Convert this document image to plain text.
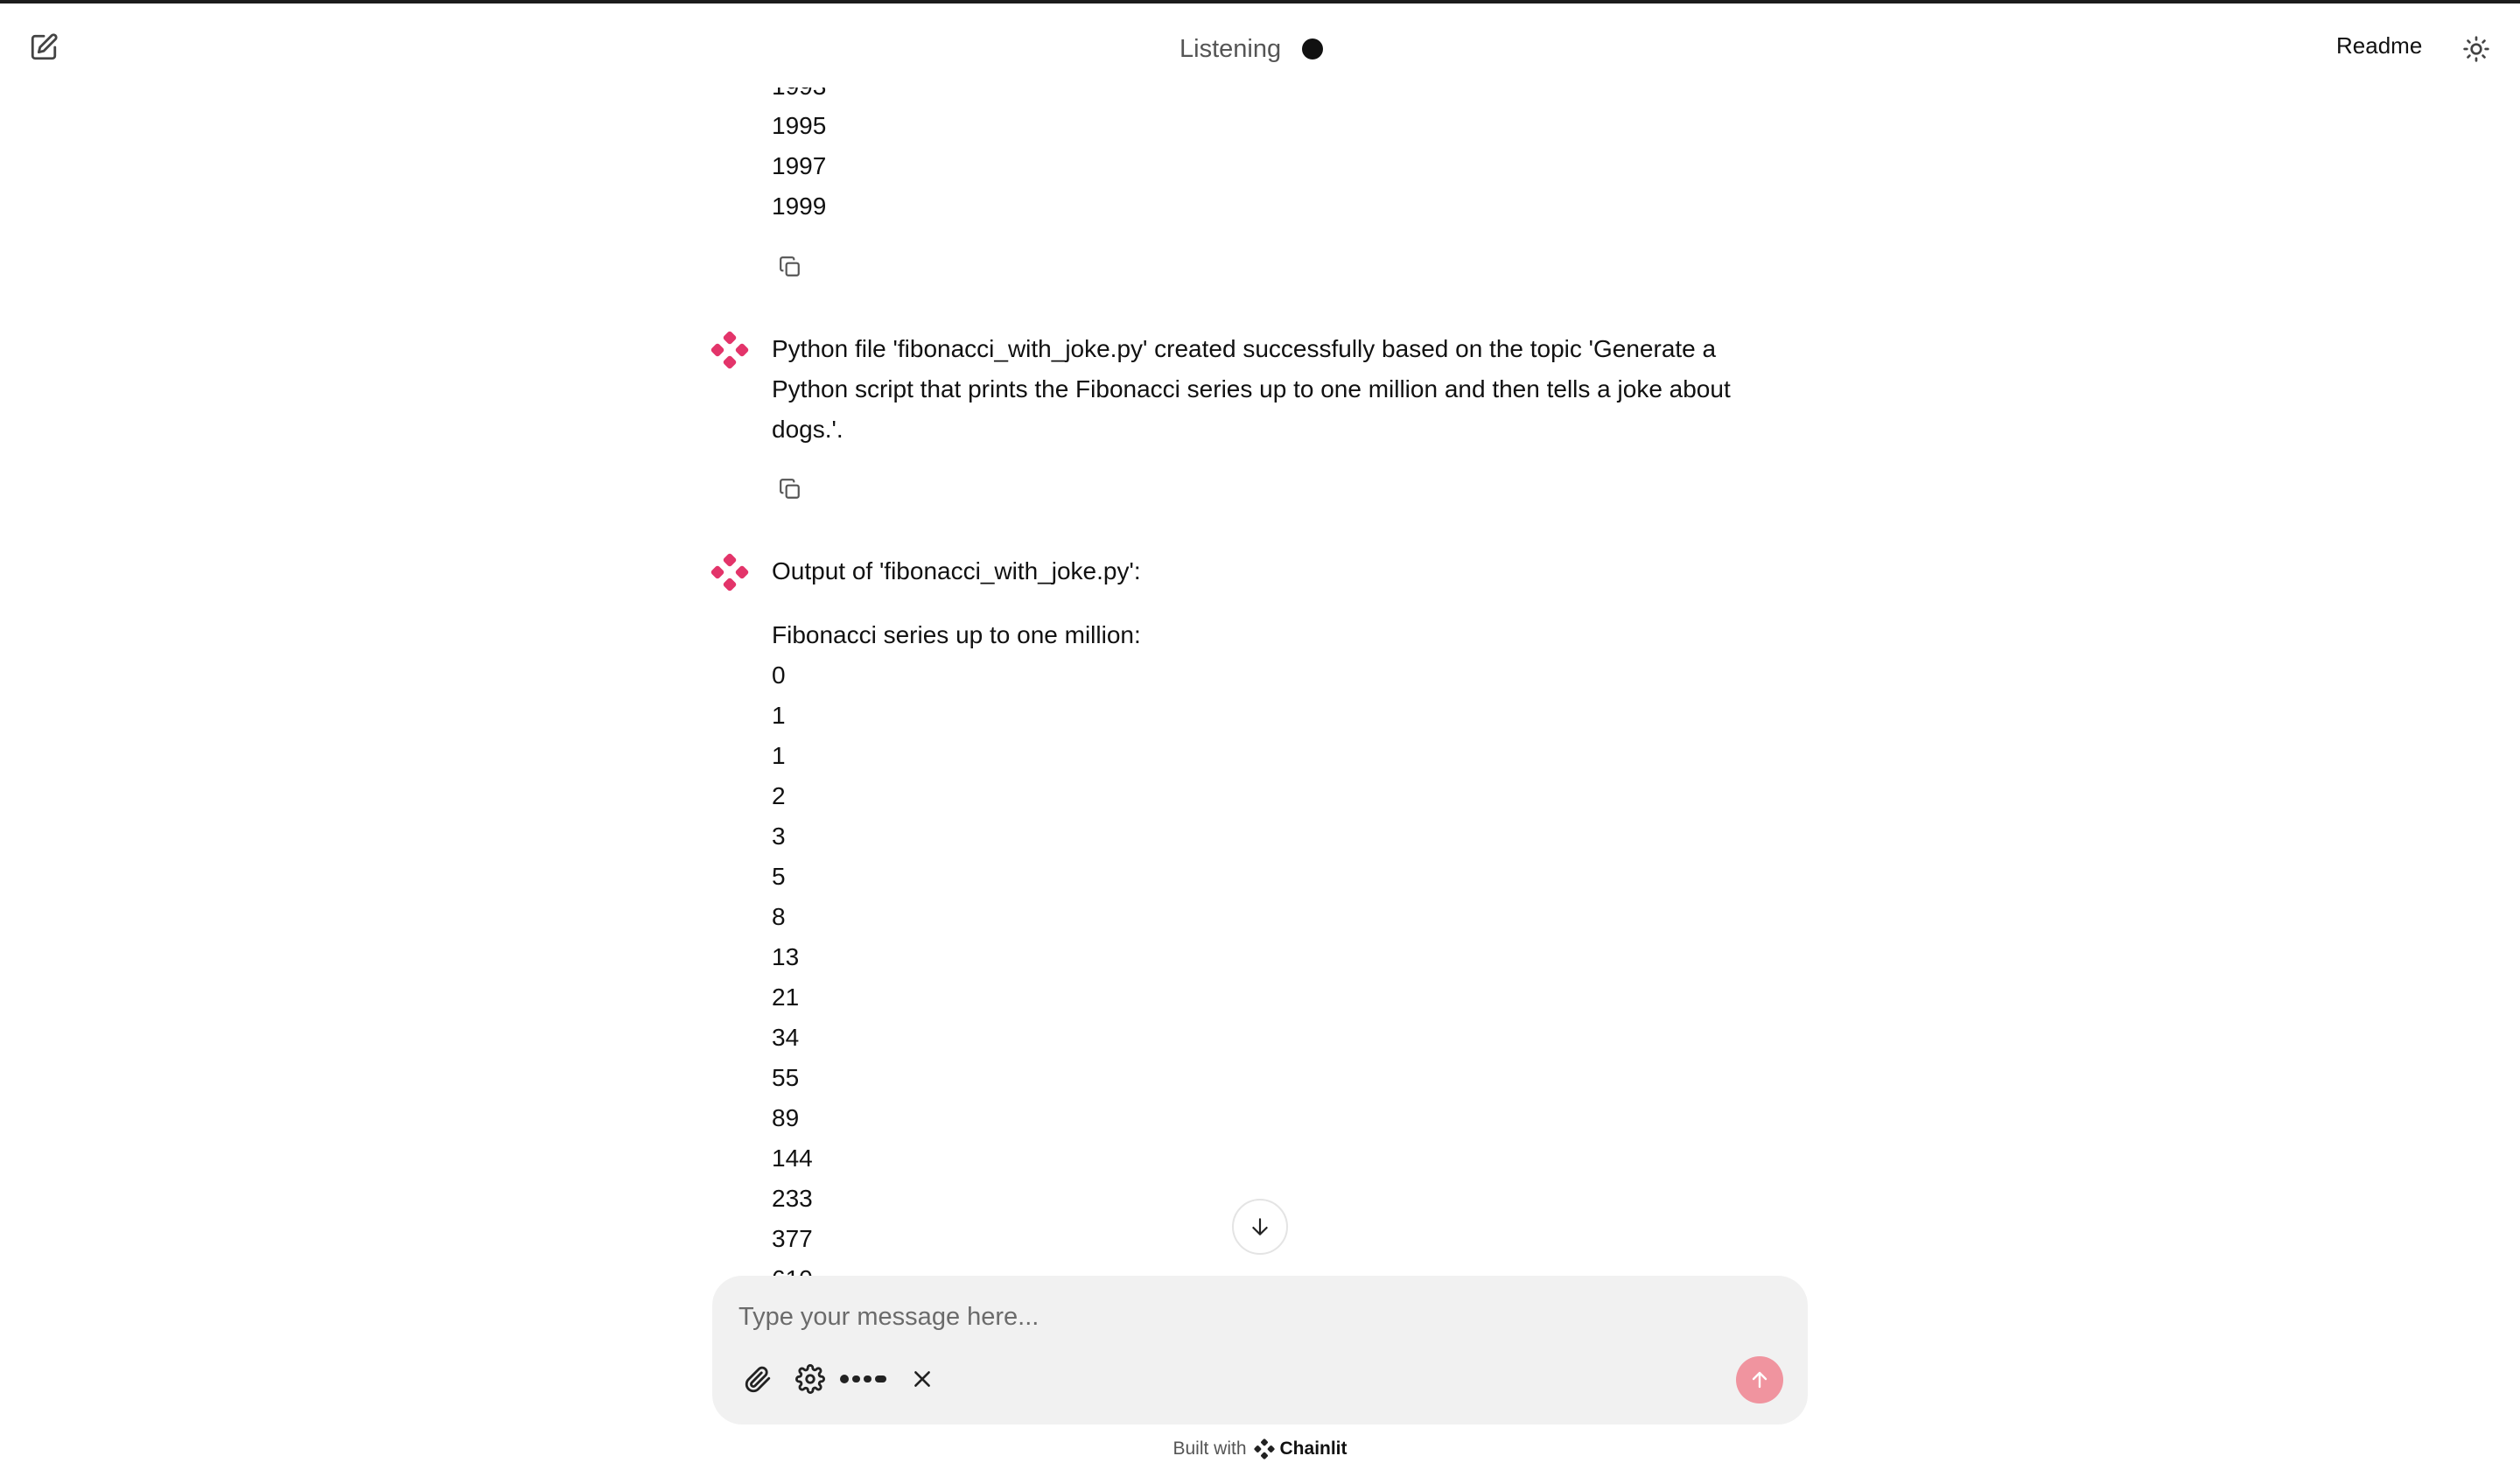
Listening	Readme
1995
1997
1999
Python file 'fibonacci_with_joke.py' created successfully based on the topic 'Generate a Python script that prints the Fibonacci series up to one million and then tells a joke about dogs.'.
Output of 'fibonacci_with_joke.py':
Fibonacci series up to one million:
0
1
1
2
3
5
8
13
21
34
55
89
144
233
377
Type your message here...
Built with Chainlit
